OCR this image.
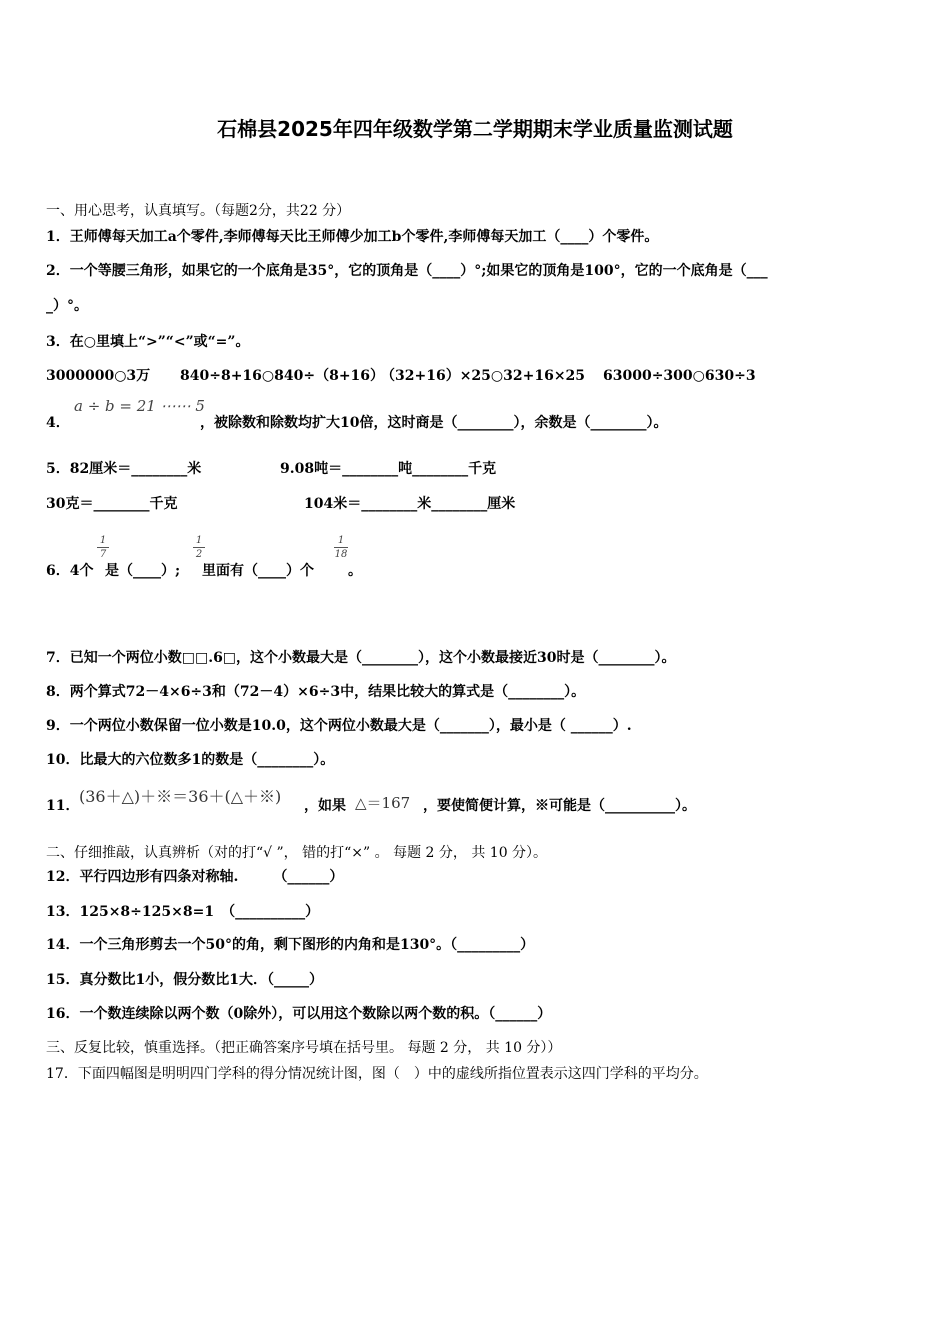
石棉县2025年四年级数学第二学期期末学业质量监测试题
一、用心思考，认真填写。（每题2分，共22 分）
1．王师傅每天加工a个零件,李师傅每天比王师傅少加工b个零件,李师傅每天加工（____）个零件。
2．一个等腰三角形，如果它的一个底角是35°，它的顶角是（____）°;如果它的顶角是100°，它的一个底角是（___
_）°。
3．在○里填上“>”“<”或“=”。
3000000○3万 840÷8+16○840÷（8+16）
（32+16）×25○32+16×25 63000÷300○630÷3
4．
a ÷ b = 21 ⋯⋯ 5
，被除数和除数均扩大10倍，这时商是（________），余数是（________）。
5．82厘米＝________米	9.08吨＝________吨________千克
30克＝________千克	104米＝________米________厘米
6．4个 是（____）; 里面有（____）个 。
1
7
1
2
1
18
7．已知一个两位小数□□.6□，这个小数最大是（________），这个小数最接近30时是（________）。
8．两个算式72－4×6÷3和（72－4）×6÷3中，结果比较大的算式是（________）。
9．一个两位小数保留一位小数是10.0，这个两位小数最大是（_______），最小是（ ______）.
10．比最大的六位数多1的数是（________）。
11． (36＋△)＋※＝36＋(△＋※) ，如果 △＝167 ，要使简便计算，※可能是（__________）。
二、仔细推敲，认真辨析（对的打“√ ”， 错的打“×” 。 每题 2 分， 共 10 分）。
12．平行四边形有四条对称轴.　　　（______）
13．125×8÷125×8=1　（__________）
14．一个三角形剪去一个50°的角，剩下图形的内角和是130°。（_________）
15．真分数比1小，假分数比1大．（_____）
16．一个数连续除以两个数（0除外），可以用这个数除以两个数的积。（______）
三、反复比较，慎重选择。（把正确答案序号填在括号里。 每题 2 分， 共 10 分））
17．下面四幅图是明明四门学科的得分情况统计图，图（　）中的虚线所指位置表示这四门学科的平均分。
